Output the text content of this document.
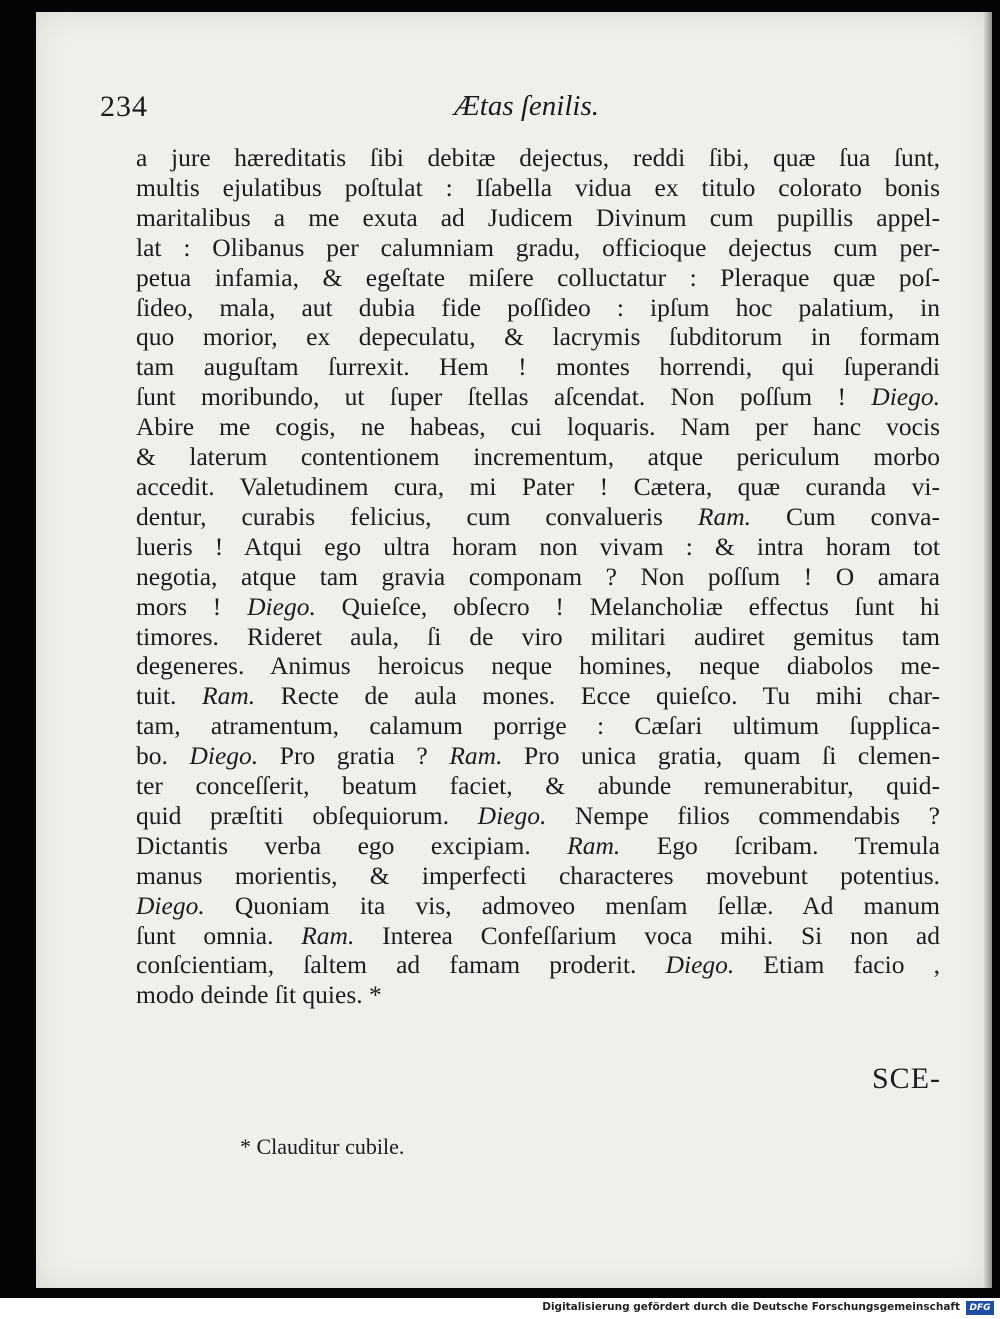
234	Ætas ſenilis.
a jure hæreditatis ſibi debitæ dejectus, reddi ſibi, quæ ſua ſunt,
multis ejulatibus poſtulat : Iſabella vidua ex titulo colorato bonis
maritalibus a me exuta ad Judicem Divinum cum pupillis appel-
lat : Olibanus per calumniam gradu, officioque dejectus cum per-
petua infamia, & egeſtate miſere colluctatur : Pleraque quæ poſ-
ſideo, mala, aut dubia fide poſſideo : ipſum hoc palatium, in
quo morior, ex depeculatu, & lacrymis ſubditorum in formam
tam auguſtam ſurrexit. Hem ! montes horrendi, qui ſuperandi
ſunt moribundo, ut ſuper ſtellas aſcendat. Non poſſum ! Diego.
Abire me cogis, ne habeas, cui loquaris. Nam per hanc vocis
& laterum contentionem incrementum, atque periculum morbo
accedit. Valetudinem cura, mi Pater ! Cætera, quæ curanda vi-
dentur, curabis felicius, cum convalueris Ram. Cum conva-
lueris ! Atqui ego ultra horam non vivam : & intra horam tot
negotia, atque tam gravia componam ? Non poſſum ! O amara
mors ! Diego. Quieſce, obſecro ! Melancholiæ effectus ſunt hi
timores. Rideret aula, ſi de viro militari audiret gemitus tam
degeneres. Animus heroicus neque homines, neque diabolos me-
tuit. Ram. Recte de aula mones. Ecce quieſco. Tu mihi char-
tam, atramentum, calamum porrige : Cæſari ultimum ſupplica-
bo. Diego. Pro gratia ? Ram. Pro unica gratia, quam ſi clemen-
ter conceſſerit, beatum faciet, & abunde remunerabitur, quid-
quid præſtiti obſequiorum. Diego. Nempe filios commendabis ?
Dictantis verba ego excipiam. Ram. Ego ſcribam. Tremula
manus morientis, & imperfecti characteres movebunt potentius.
Diego. Quoniam ita vis, admoveo menſam ſellæ. Ad manum
ſunt omnia. Ram. Interea Confeſſarium voca mihi. Si non ad
conſcientiam, ſaltem ad famam proderit. Diego. Etiam facio ,
modo deinde ſit quies. *
SCE-
* Clauditur cubile.
Digitalisierung gefördert durch die Deutsche Forschungsgemeinschaft	DFG
